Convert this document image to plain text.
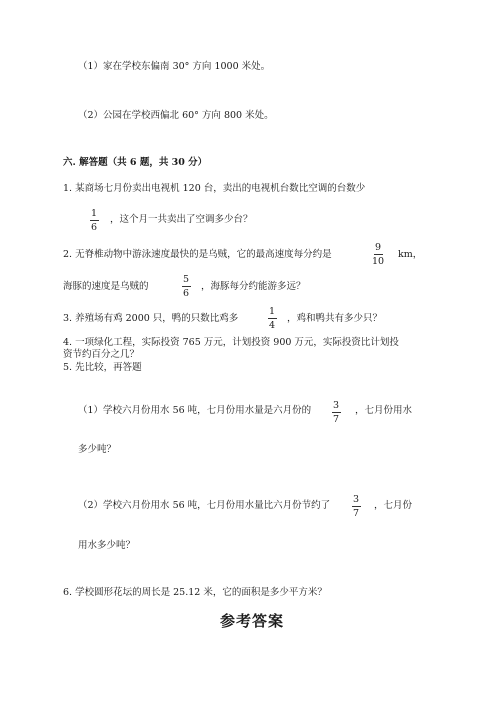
（1）家在学校东偏南 30° 方向 1000 米处。
（2）公园在学校西偏北 60° 方向 800 米处。
六. 解答题（共 6 题，共 30 分）
1. 某商场七月份卖出电视机 120 台，卖出的电视机台数比空调的台数少
1
6
，这个月一共卖出了空调多少台？
2. 无脊椎动物中游泳速度最快的是乌贼，它的最高速度每分约是
9
10
km，
海豚的速度是乌贼的
5
6
，海豚每分约能游多远？
3. 养殖场有鸡 2000 只，鸭的只数比鸡多
1
4
，鸡和鸭共有多少只？
4. 一项绿化工程，实际投资 765 万元，计划投资 900 万元，实际投资比计划投
资节约百分之几？
5. 先比较，再答题
（1）学校六月份用水 56 吨，七月份用水量是六月份的 3
7
，七月份用水
多少吨？
（2）学校六月份用水 56 吨，七月份用水量比六月份节约了
3
7
，七月份
用水多少吨？
6. 学校圆形花坛的周长是 25.12 米，它的面积是多少平方米？
参考答案
